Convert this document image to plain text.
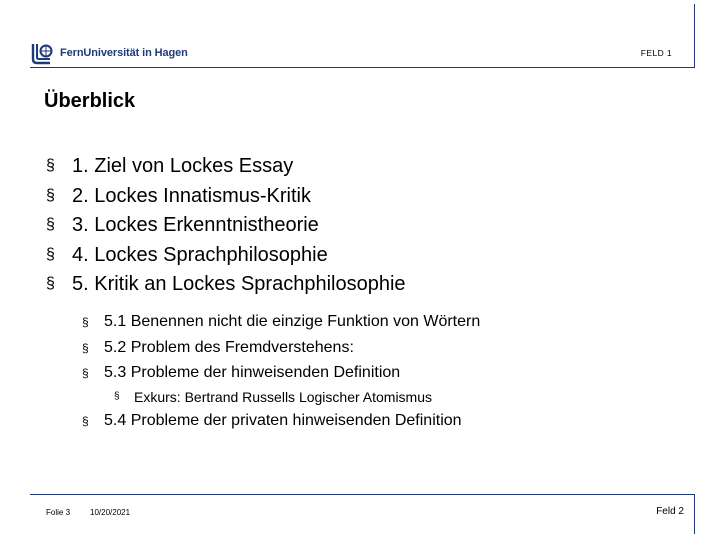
FernUniversität in Hagen	FELD 1
Überblick
§ 1. Ziel von Lockes Essay
§ 2. Lockes Innatismus-Kritik
§ 3. Lockes Erkenntnistheorie
§ 4. Lockes Sprachphilosophie
§ 5. Kritik an Lockes Sprachphilosophie
§ 5.1 Benennen nicht die einzige Funktion von Wörtern
§ 5.2 Problem des Fremdverstehens:
§ 5.3 Probleme der hinweisenden Definition
§	Exkurs: Bertrand Russells Logischer Atomismus
§ 5.4 Probleme der privaten hinweisenden Definition
Folie 3 10/20/2021	Feld 2
